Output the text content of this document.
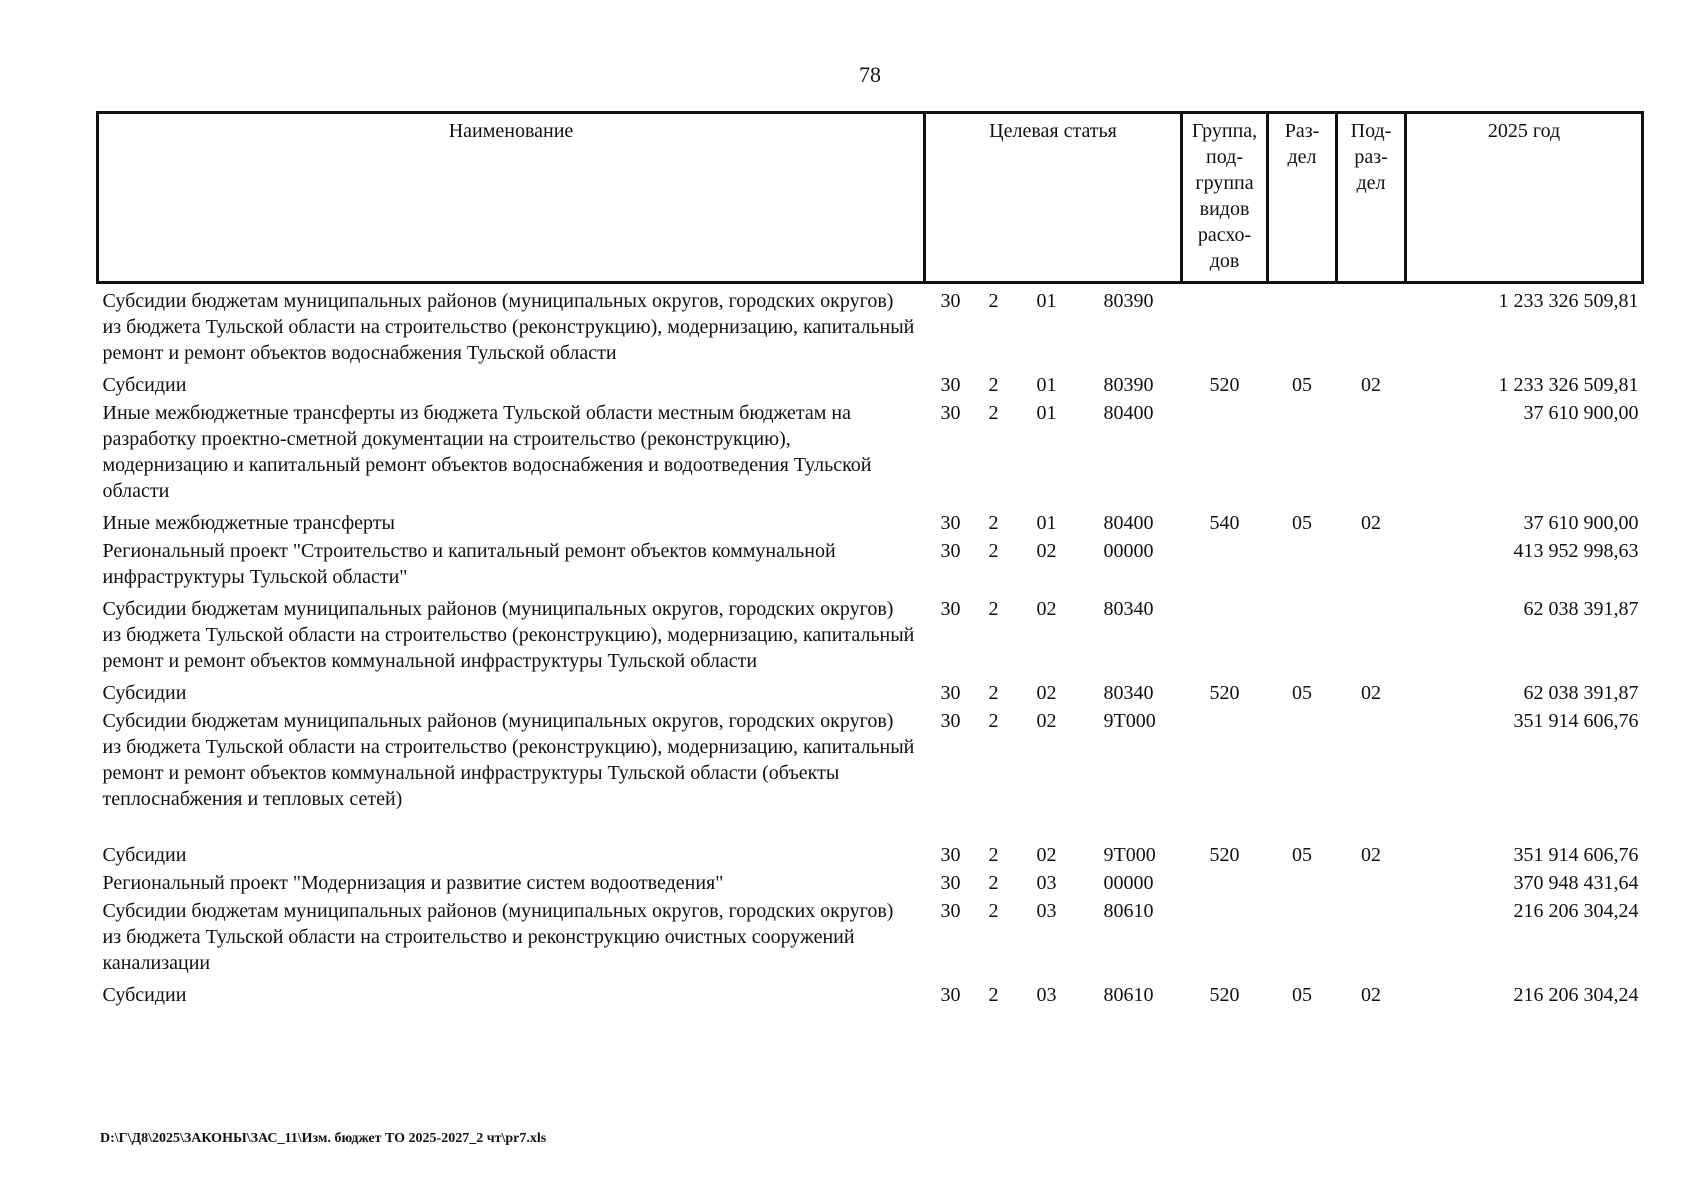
78
Наименование	Целевая статья				Группа, под-группа видов расхо-дов	Раз-дел	Под-раз-дел	2025 год
Субсидии бюджетам муниципальных районов (муниципальных округов, городских округов) из бюджета Тульской области на строительство (реконструкцию), модернизацию, капитальный ремонт и ремонт объектов водоснабжения Тульской области	30	2	01	80390				1 233 326 509,81
Субсидии	30	2	01	80390	520	05	02	1 233 326 509,81
Иные межбюджетные трансферты из бюджета Тульской области местным бюджетам на разработку проектно-сметной документации на строительство (реконструкцию), модернизацию и капитальный ремонт объектов водоснабжения и водоотведения Тульской области	30	2	01	80400				37 610 900,00
Иные межбюджетные трансферты	30	2	01	80400	540	05	02	37 610 900,00
Региональный проект "Строительство и капитальный ремонт объектов коммунальной инфраструктуры Тульской области"	30	2	02	00000				413 952 998,63
Субсидии бюджетам муниципальных районов (муниципальных округов, городских округов) из бюджета Тульской области на строительство (реконструкцию), модернизацию, капитальный ремонт и ремонт объектов коммунальной инфраструктуры Тульской области	30	2	02	80340				62 038 391,87
Субсидии	30	2	02	80340	520	05	02	62 038 391,87
Субсидии бюджетам муниципальных районов (муниципальных округов, городских округов) из бюджета Тульской области на строительство (реконструкцию), модернизацию, капитальный ремонт и ремонт объектов коммунальной инфраструктуры Тульской области (объекты теплоснабжения и тепловых сетей)	30	2	02	9Т000				351 914 606,76
Субсидии	30	2	02	9Т000	520	05	02	351 914 606,76
Региональный проект "Модернизация и развитие систем водоотведения"	30	2	03	00000				370 948 431,64
Субсидии бюджетам муниципальных районов (муниципальных округов, городских округов) из бюджета Тульской области на строительство и реконструкцию очистных сооружений канализации	30	2	03	80610				216 206 304,24
Субсидии	30	2	03	80610	520	05	02	216 206 304,24
D:\Г\Д8\2025\ЗАКОНЫ\ЗАС_11\Изм. бюджет ТО 2025-2027_2 чт\pr7.xls
